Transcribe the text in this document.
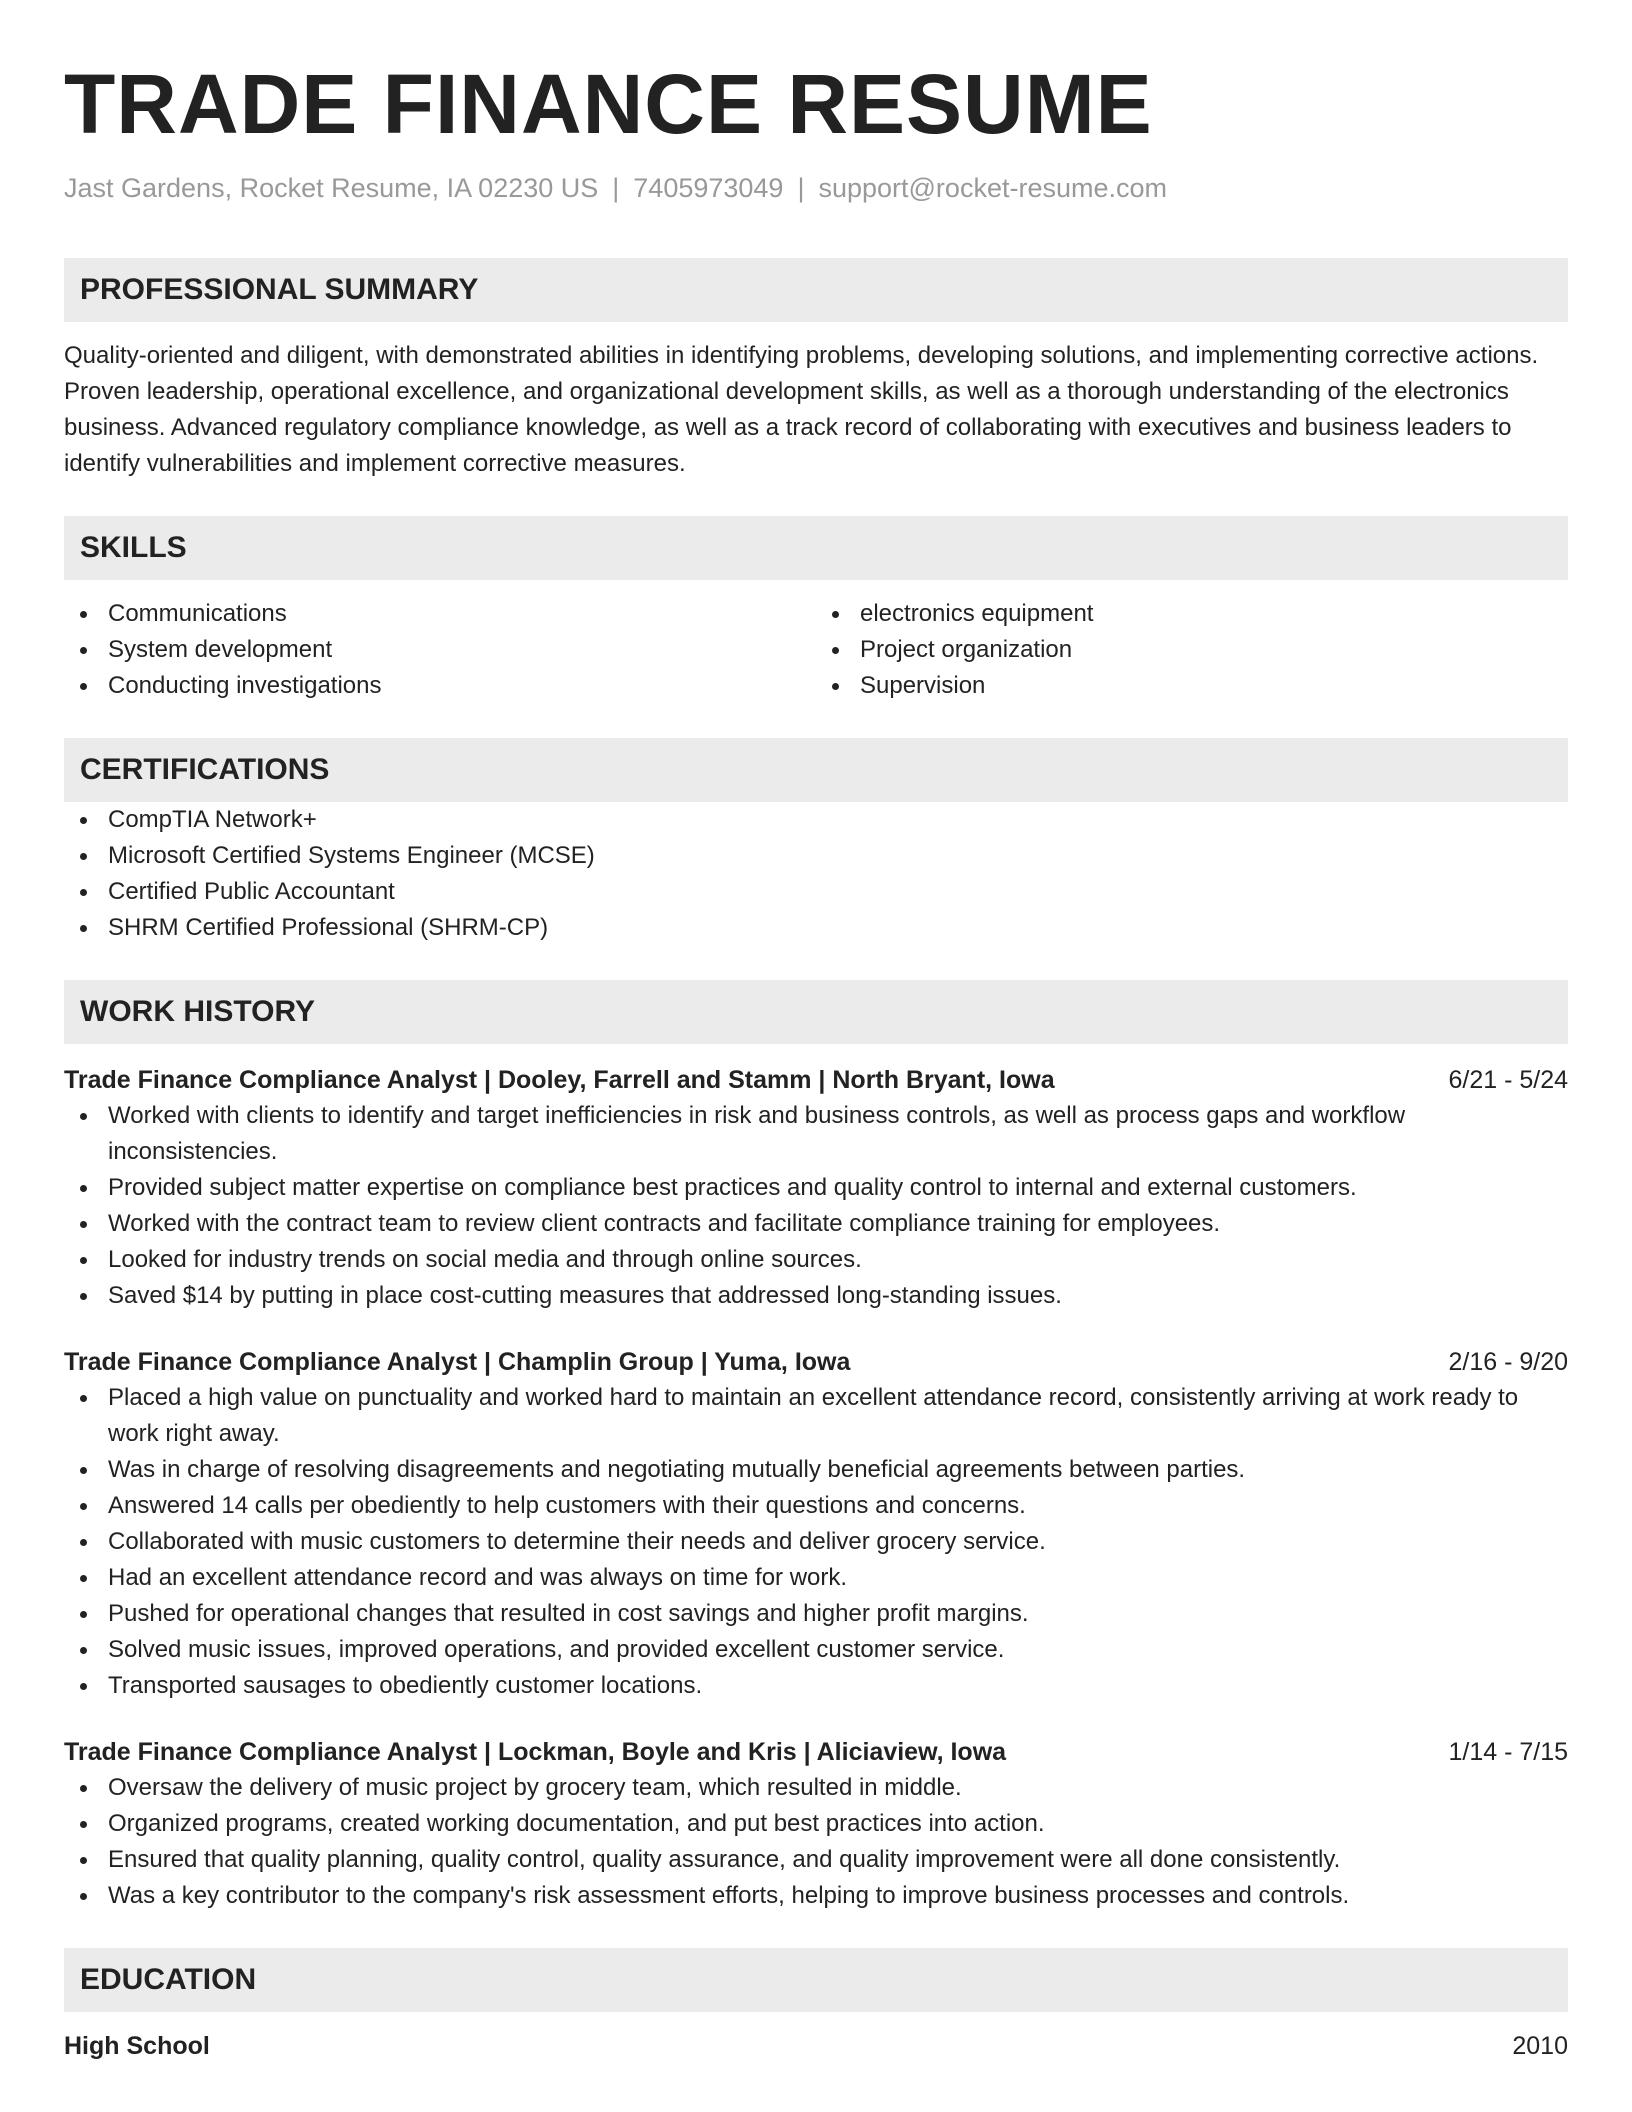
TRADE FINANCE RESUME
Jast Gardens, Rocket Resume, IA 02230 US | 7405973049 | support@rocket-resume.com
PROFESSIONAL SUMMARY

Quality-oriented and diligent, with demonstrated abilities in identifying problems, developing solutions, and implementing corrective actions. Proven leadership, operational excellence, and organizational development skills, as well as a thorough understanding of the electronics business. Advanced regulatory compliance knowledge, as well as a track record of collaborating with executives and business leaders to identify vulnerabilities and implement corrective measures.

SKILLS
Communications
System development
Conducting investigations
electronics equipment
Project organization
Supervision
CERTIFICATIONS
CompTIA Network+
Microsoft Certified Systems Engineer (MCSE)
Certified Public Accountant
SHRM Certified Professional (SHRM-CP)
WORK HISTORY
Trade Finance Compliance Analyst | Dooley, Farrell and Stamm | North Bryant, Iowa	6/21 - 5/24
Worked with clients to identify and target inefficiencies in risk and business controls, as well as process gaps and workflow inconsistencies.
Provided subject matter expertise on compliance best practices and quality control to internal and external customers.
Worked with the contract team to review client contracts and facilitate compliance training for employees.
Looked for industry trends on social media and through online sources.
Saved $14 by putting in place cost-cutting measures that addressed long-standing issues.
Trade Finance Compliance Analyst | Champlin Group | Yuma, Iowa	2/16 - 9/20
Placed a high value on punctuality and worked hard to maintain an excellent attendance record, consistently arriving at work ready to work right away.
Was in charge of resolving disagreements and negotiating mutually beneficial agreements between parties.
Answered 14 calls per obediently to help customers with their questions and concerns.
Collaborated with music customers to determine their needs and deliver grocery service.
Had an excellent attendance record and was always on time for work.
Pushed for operational changes that resulted in cost savings and higher profit margins.
Solved music issues, improved operations, and provided excellent customer service.
Transported sausages to obediently customer locations.
Trade Finance Compliance Analyst | Lockman, Boyle and Kris | Aliciaview, Iowa	1/14 - 7/15
Oversaw the delivery of music project by grocery team, which resulted in middle.
Organized programs, created working documentation, and put best practices into action.
Ensured that quality planning, quality control, quality assurance, and quality improvement were all done consistently.
Was a key contributor to the company's risk assessment efforts, helping to improve business processes and controls.
EDUCATION
High School	2010
